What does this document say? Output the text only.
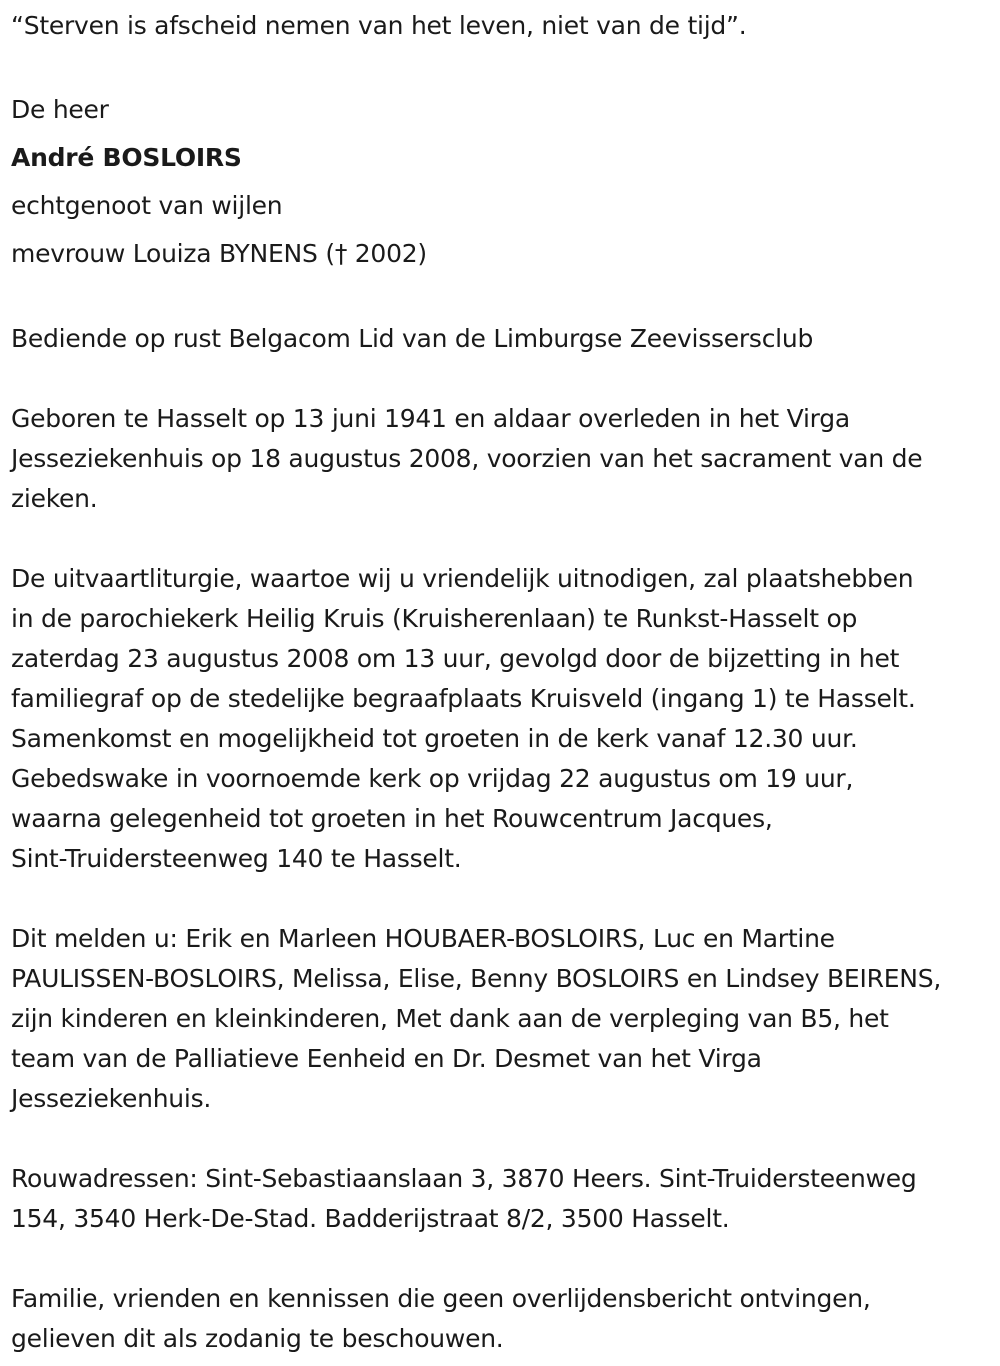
“Sterven is afscheid nemen van het leven, niet van de tijd”.

De heer

André BOSLOIRS

echtgenoot van wijlen

mevrouw Louiza BYNENS († 2002)

Bediende op rust Belgacom Lid van de Limburgse Zeevissersclub

Geboren te Hasselt op 13 juni 1941 en aldaar overleden in het Virga
Jesseziekenhuis op 18 augustus 2008, voorzien van het sacrament van de
zieken.
De uitvaartliturgie, waartoe wij u vriendelijk uitnodigen, zal plaatshebben
in de parochiekerk Heilig Kruis (Kruisherenlaan) te Runkst-Hasselt op
zaterdag 23 augustus 2008 om 13 uur, gevolgd door de bijzetting in het
familiegraf op de stedelijke begraafplaats Kruisveld (ingang 1) te Hasselt.
Samenkomst en mogelijkheid tot groeten in de kerk vanaf 12.30 uur.
Gebedswake in voornoemde kerk op vrijdag 22 augustus om 19 uur,
waarna gelegenheid tot groeten in het Rouwcentrum Jacques,
Sint-Truidersteenweg 140 te Hasselt.
Dit melden u: Erik en Marleen HOUBAER-BOSLOIRS, Luc en Martine
PAULISSEN-BOSLOIRS, Melissa, Elise, Benny BOSLOIRS en Lindsey BEIRENS,
zijn kinderen en kleinkinderen, Met dank aan de verpleging van B5, het
team van de Palliatieve Eenheid en Dr. Desmet van het Virga
Jesseziekenhuis.
Rouwadressen: Sint-Sebastiaanslaan 3, 3870 Heers. Sint-Truidersteenweg
154, 3540 Herk-De-Stad. Badderijstraat 8/2, 3500 Hasselt.
Familie, vrienden en kennissen die geen overlijdensbericht ontvingen,
gelieven dit als zodanig te beschouwen.
